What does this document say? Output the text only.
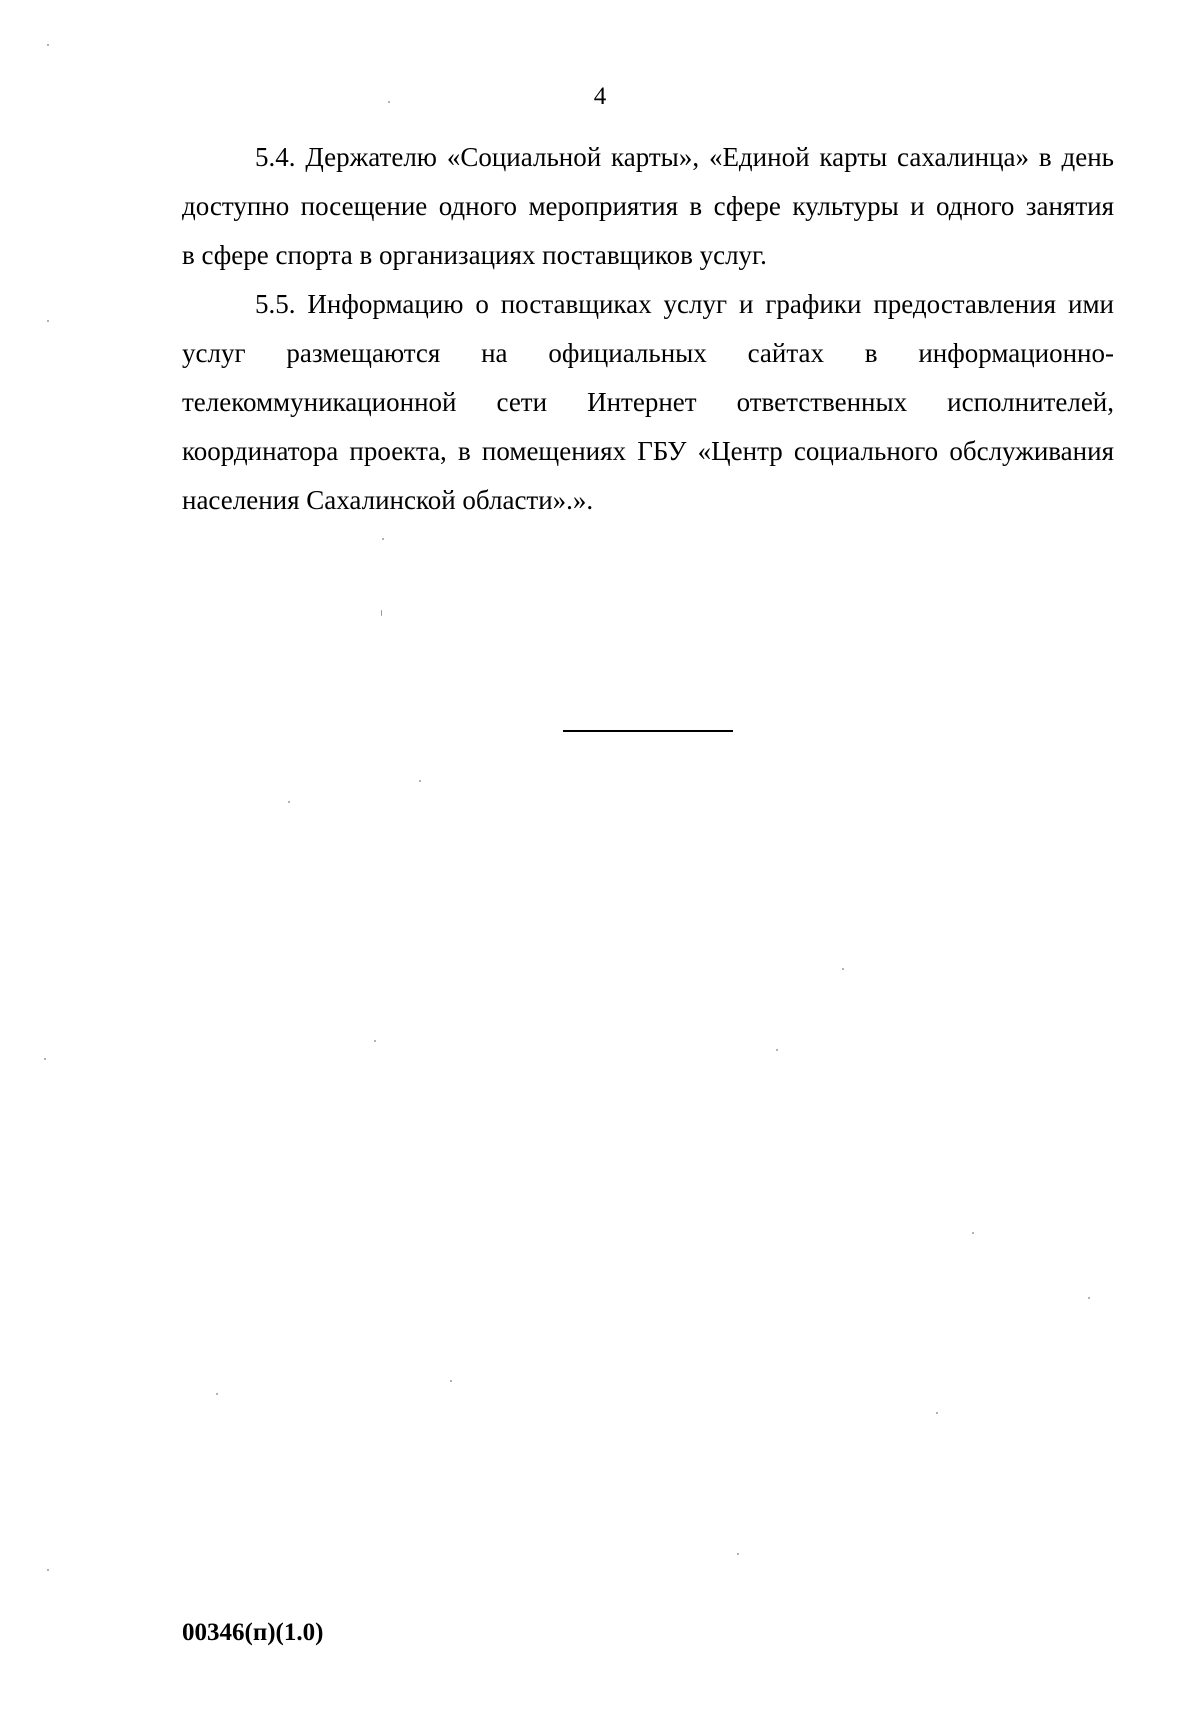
4

5.4. Держателю «Социальной карты», «Единой карты сахалинца» в день
доступно посещение одного мероприятия в сфере культуры и одного занятия
в сфере спорта в организациях поставщиков услуг.

5.5. Информацию о поставщиках услуг и графики предоставления ими
услуг размещаются на официальных сайтах в информационно-
телекоммуникационной сети Интернет ответственных исполнителей,
координатора проекта, в помещениях ГБУ «Центр социального обслуживания
населения Сахалинской области».».

00346(п)(1.0)
